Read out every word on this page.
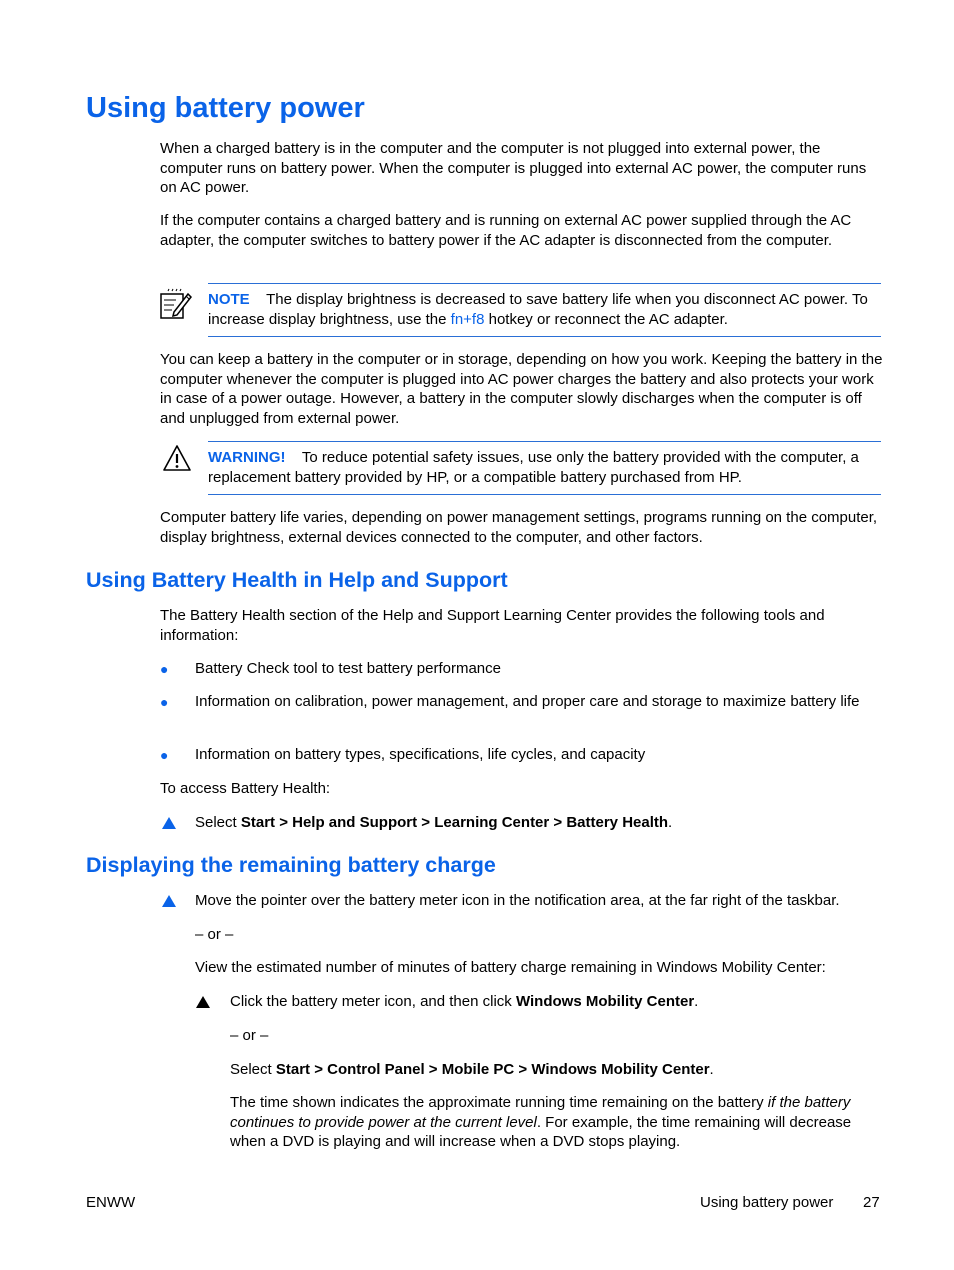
Using battery power

When a charged battery is in the computer and the computer is not plugged into external power, the computer runs on battery power. When the computer is plugged into external AC power, the computer runs on AC power.

If the computer contains a charged battery and is running on external AC power supplied through the AC adapter, the computer switches to battery power if the AC adapter is disconnected from the computer.

NOTE The display brightness is decreased to save battery life when you disconnect AC power. To increase display brightness, use the fn+f8 hotkey or reconnect the AC adapter.

You can keep a battery in the computer or in storage, depending on how you work. Keeping the battery in the computer whenever the computer is plugged into AC power charges the battery and also protects your work in case of a power outage. However, a battery in the computer slowly discharges when the computer is off and unplugged from external power.

WARNING! To reduce potential safety issues, use only the battery provided with the computer, a replacement battery provided by HP, or a compatible battery purchased from HP.

Computer battery life varies, depending on power management settings, programs running on the computer, display brightness, external devices connected to the computer, and other factors.

Using Battery Health in Help and Support

The Battery Health section of the Help and Support Learning Center provides the following tools and information:

●	Battery Check tool to test battery performance

●	Information on calibration, power management, and proper care and storage to maximize battery life

●	Information on battery types, specifications, life cycles, and capacity

To access Battery Health:

Select Start > Help and Support > Learning Center > Battery Health.

Displaying the remaining battery charge

Move the pointer over the battery meter icon in the notification area, at the far right of the taskbar.

– or –

View the estimated number of minutes of battery charge remaining in Windows Mobility Center:

Click the battery meter icon, and then click Windows Mobility Center.

– or –

Select Start > Control Panel > Mobile PC > Windows Mobility Center.

The time shown indicates the approximate running time remaining on the battery if the battery continues to provide power at the current level. For example, the time remaining will decrease when a DVD is playing and will increase when a DVD stops playing.

ENWW	Using battery power 27
